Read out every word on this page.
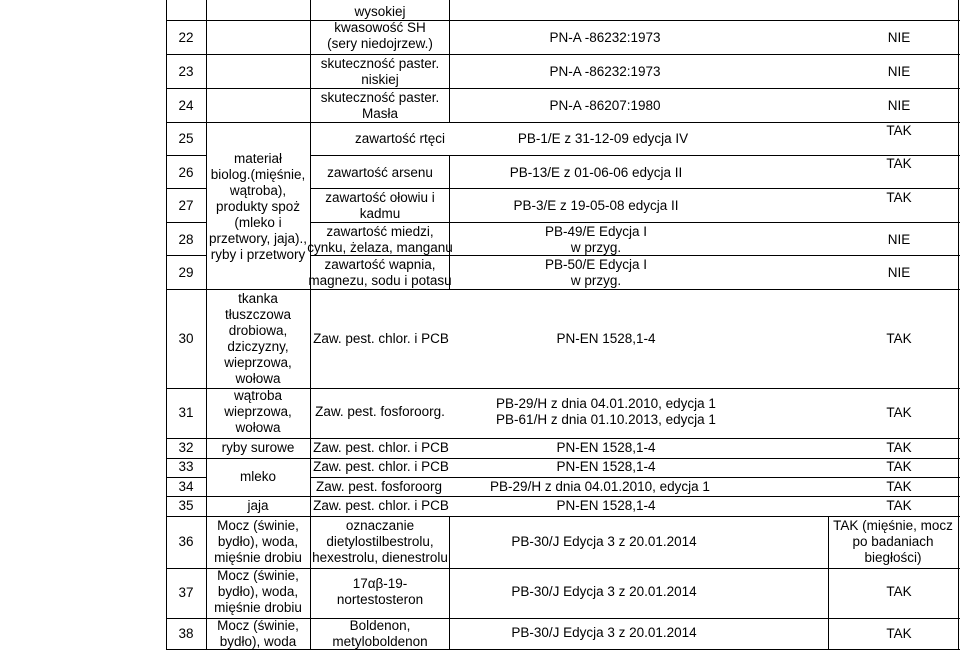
22
23
24
25
26
27
28
29
30
31
32
33
34
35
36
37
38
materiał
biolog.(mięśnie,
wątroba),
produkty spoż
(mleko i
przetwory, jaja).,
ryby i przetwory
tkanka
tłuszczowa
drobiowa,
dziczyzny,
wieprzowa,
wołowa
wątroba
wieprzowa,
wołowa
ryby surowe
mleko
jaja
Mocz (świnie,
bydło), woda,
mięśnie drobiu
Mocz (świnie,
bydło), woda,
mięśnie drobiu
Mocz (świnie,
bydło), woda
wysokiej
kwasowość SH
(sery niedojrzew.)
skuteczność paster.
niskiej
skuteczność paster.
Masła
zawartość arsenu
zawartość ołowiu i
kadmu
zawartość miedzi,
cynku, żelaza, manganu
zawartość wapnia,
magnezu, sodu i potasu
zawartość rtęci
Zaw. pest. chlor. i PCB
Zaw. pest. fosforoorg.
Zaw. pest. chlor. i PCB
Zaw. pest. chlor. i PCB
Zaw. pest. fosforoorg
Zaw. pest. chlor. i PCB
oznaczanie
dietylostilbestrolu,
hexestrolu, dienestrolu
17αβ-19-
nortestosteron
Boldenon,
metyloboldenon
PN-A -86232:1973
PN-A -86232:1973
PN-A -86207:1980
PB-1/E z 31-12-09 edycja IV
PB-13/E z 01-06-06 edycja II
PB-3/E z 19-05-08 edycja II
PB-49/E Edycja I
w przyg.
PB-50/E Edycja I
w przyg.
PN-EN 1528,1-4
PB-29/H z dnia 04.01.2010, edycja 1
PB-61/H z dnia 01.10.2013, edycja 1
PN-EN 1528,1-4
PN-EN 1528,1-4
PB-29/H z dnia 04.01.2010, edycja 1
PN-EN 1528,1-4
PB-30/J Edycja 3 z 20.01.2014
PB-30/J Edycja 3 z 20.01.2014
PB-30/J Edycja 3 z 20.01.2014
NIE
NIE
NIE
TAK
TAK
TAK
NIE
NIE
TAK
TAK
TAK
TAK
TAK
TAK
TAK (mięśnie, mocz
po badaniach
biegłości)
TAK
TAK
